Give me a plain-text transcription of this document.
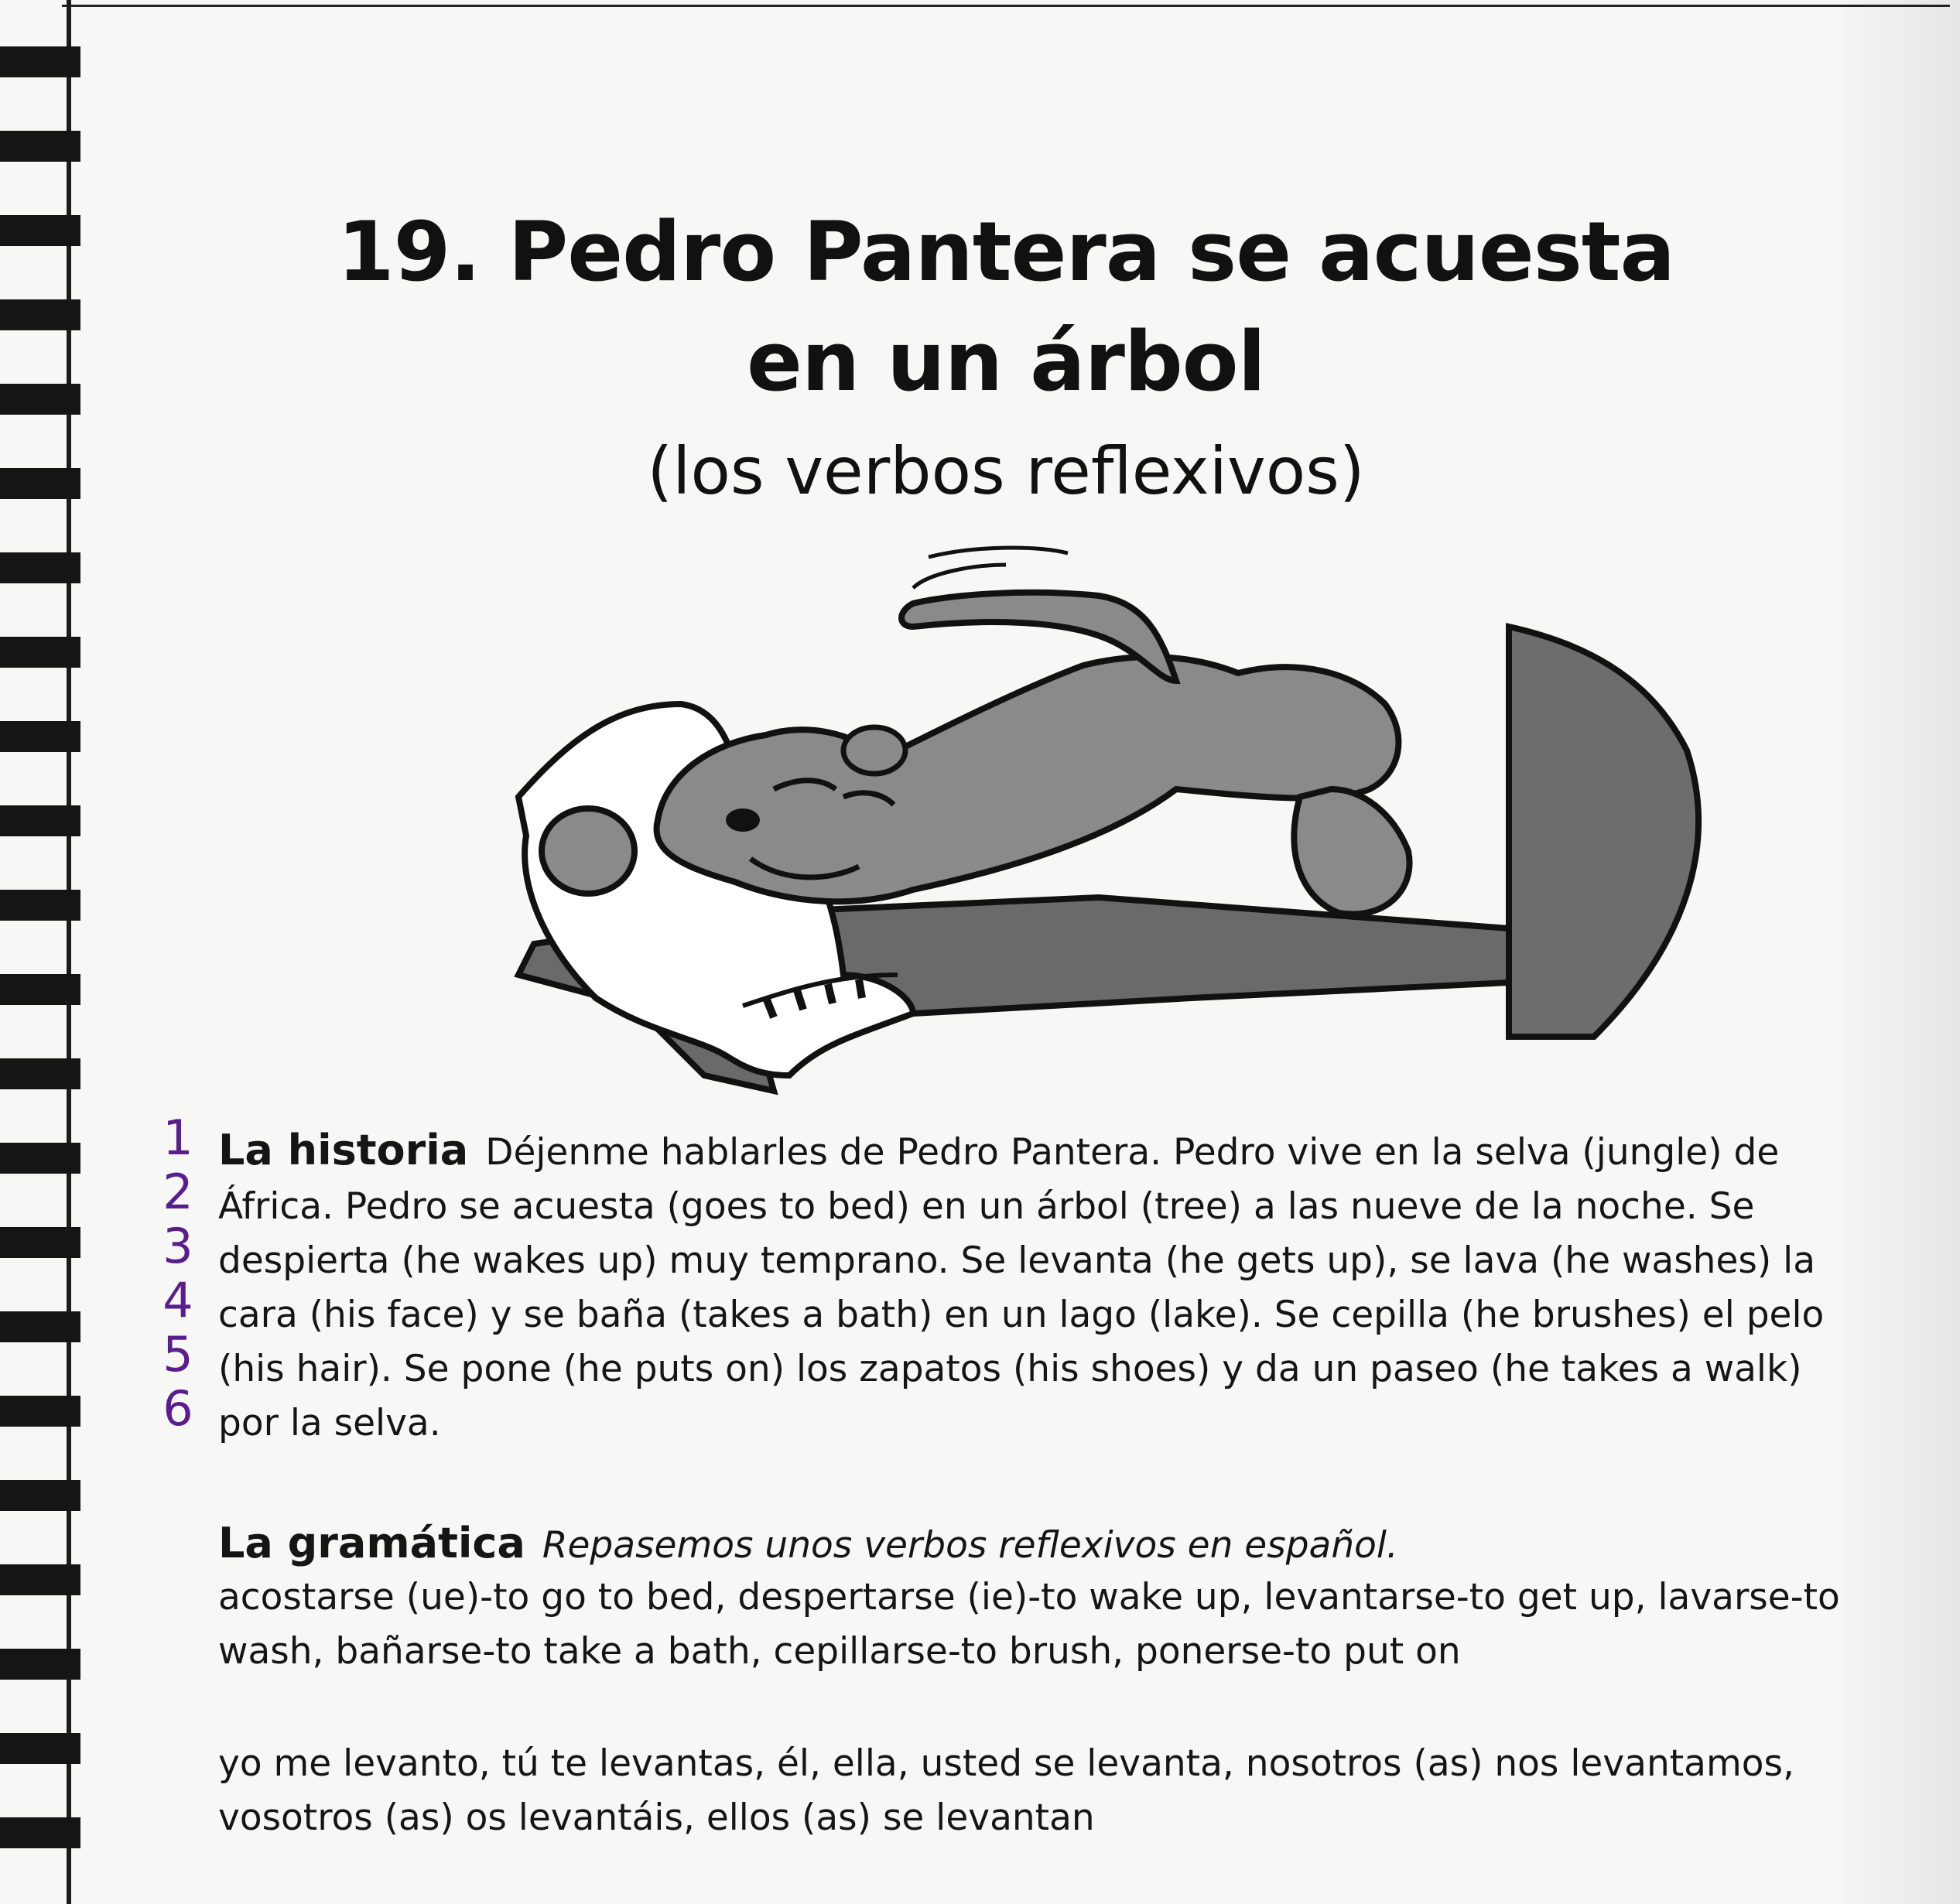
19. Pedro Pantera se acuesta
en un árbol
(los verbos reflexivos)
1
2
3
4
5
6
La historia Déjenme hablarles de Pedro Pantera. Pedro vive en la selva (jungle) de África. Pedro se acuesta (goes to bed) en un árbol (tree) a las nueve de la noche. Se despierta (he wakes up) muy temprano. Se levanta (he gets up), se lava (he washes) la cara (his face) y se baña (takes a bath) en un lago (lake). Se cepilla (he brushes) el pelo (his hair). Se pone (he puts on) los zapatos (his shoes) y da un paseo (he takes a walk) por la selva.
La gramática Repasemos unos verbos reflexivos en español.
acostarse (ue)-to go to bed, despertarse (ie)-to wake up, levantarse-to get up, lavarse-to wash, bañarse-to take a bath, cepillarse-to brush, ponerse-to put on
yo me levanto, tú te levantas, él, ella, usted se levanta, nosotros (as) nos levantamos, vosotros (as) os levantáis, ellos (as) se levantan
